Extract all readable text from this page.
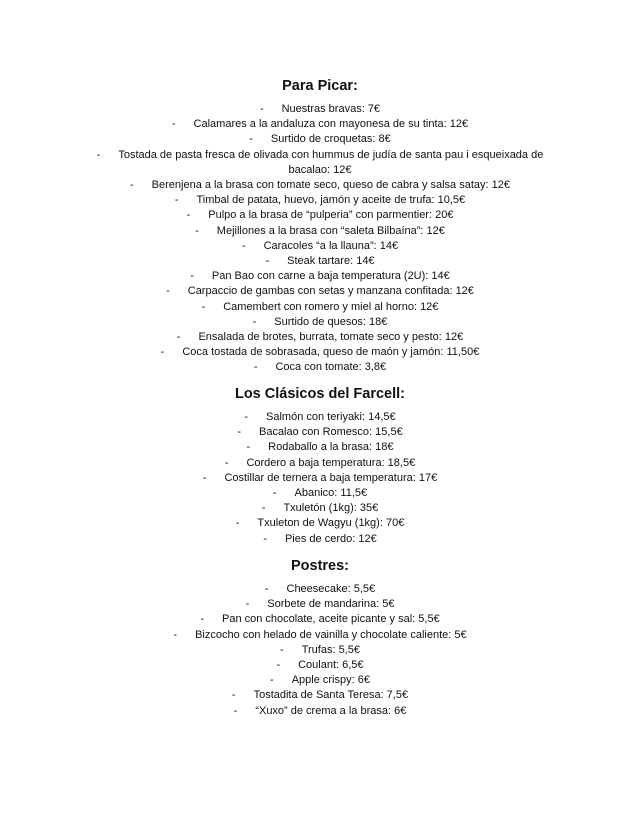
Para Picar:
- Nuestras bravas: 7€
- Calamares a la andaluza con mayonesa de su tinta: 12€
- Surtido de croquetas: 8€
- Tostada de pasta fresca de olivada con hummus de judía de santa pau i esqueixada de bacalao: 12€
- Berenjena a la brasa con tomate seco, queso de cabra y salsa satay: 12€
- Timbal de patata, huevo, jamón y aceite de trufa: 10,5€
- Pulpo a la brasa de “pulperia” con parmentier: 20€
- Mejillones a la brasa con “saleta Bilbaína”: 12€
- Caracoles “a la llauna”: 14€
- Steak tartare: 14€
- Pan Bao con carne a baja temperatura (2U): 14€
- Carpaccio de gambas con setas y manzana confitada: 12€
- Camembert con romero y miel al horno: 12€
- Surtido de quesos: 18€
- Ensalada de brotes, burrata, tomate seco y pesto: 12€
- Coca tostada de sobrasada, queso de maón y jamón: 11,50€
- Coca con tomate: 3,8€
Los Clásicos del Farcell:
- Salmón con teriyaki: 14,5€
- Bacalao con Romesco: 15,5€
- Rodaballo a la brasa: 18€
- Cordero a baja temperatura: 18,5€
- Costillar de ternera a baja temperatura: 17€
- Abanico: 11,5€
- Txuletón (1kg): 35€
- Txuleton de Wagyu (1kg): 70€
- Pies de cerdo: 12€
Postres:
- Cheesecake: 5,5€
- Sorbete de mandarina: 5€
- Pan con chocolate, aceite picante y sal: 5,5€
- Bizcocho con helado de vainilla y chocolate caliente: 5€
- Trufas: 5,5€
- Coulant: 6,5€
- Apple crispy: 6€
- Tostadita de Santa Teresa: 7,5€
- “Xuxo” de crema a la brasa: 6€
